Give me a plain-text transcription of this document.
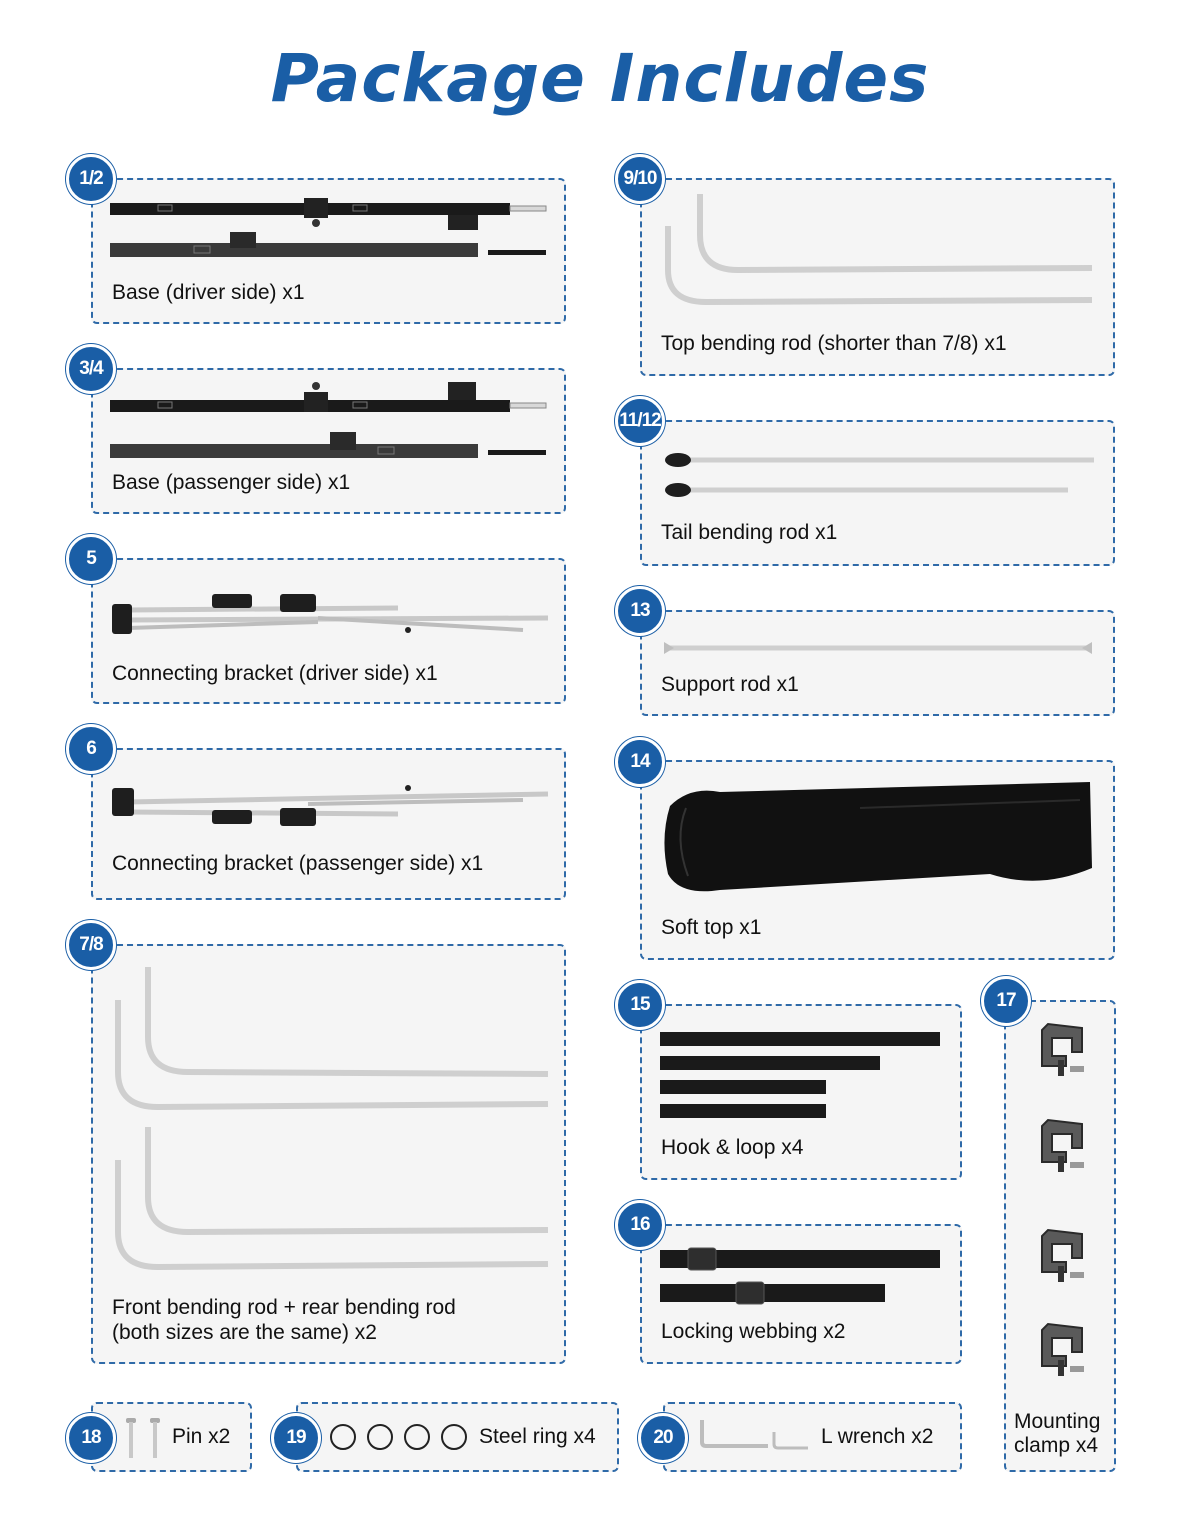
Package Includes
1/2
Base (driver side) x1
3/4
Base (passenger side) x1
5
Connecting bracket (driver side) x1
6
Connecting bracket (passenger side) x1
7/8
Front bending rod + rear bending rod
(both sizes are the same) x2
9/10
Top bending rod (shorter than 7/8) x1
11/12
Tail bending rod x1
13
Support rod x1
14
Soft top x1
15
Hook & loop x4
16
Locking webbing x2
17
Mounting
clamp x4
18	Pin x2	19	Steel ring x4	20	L wrench x2
